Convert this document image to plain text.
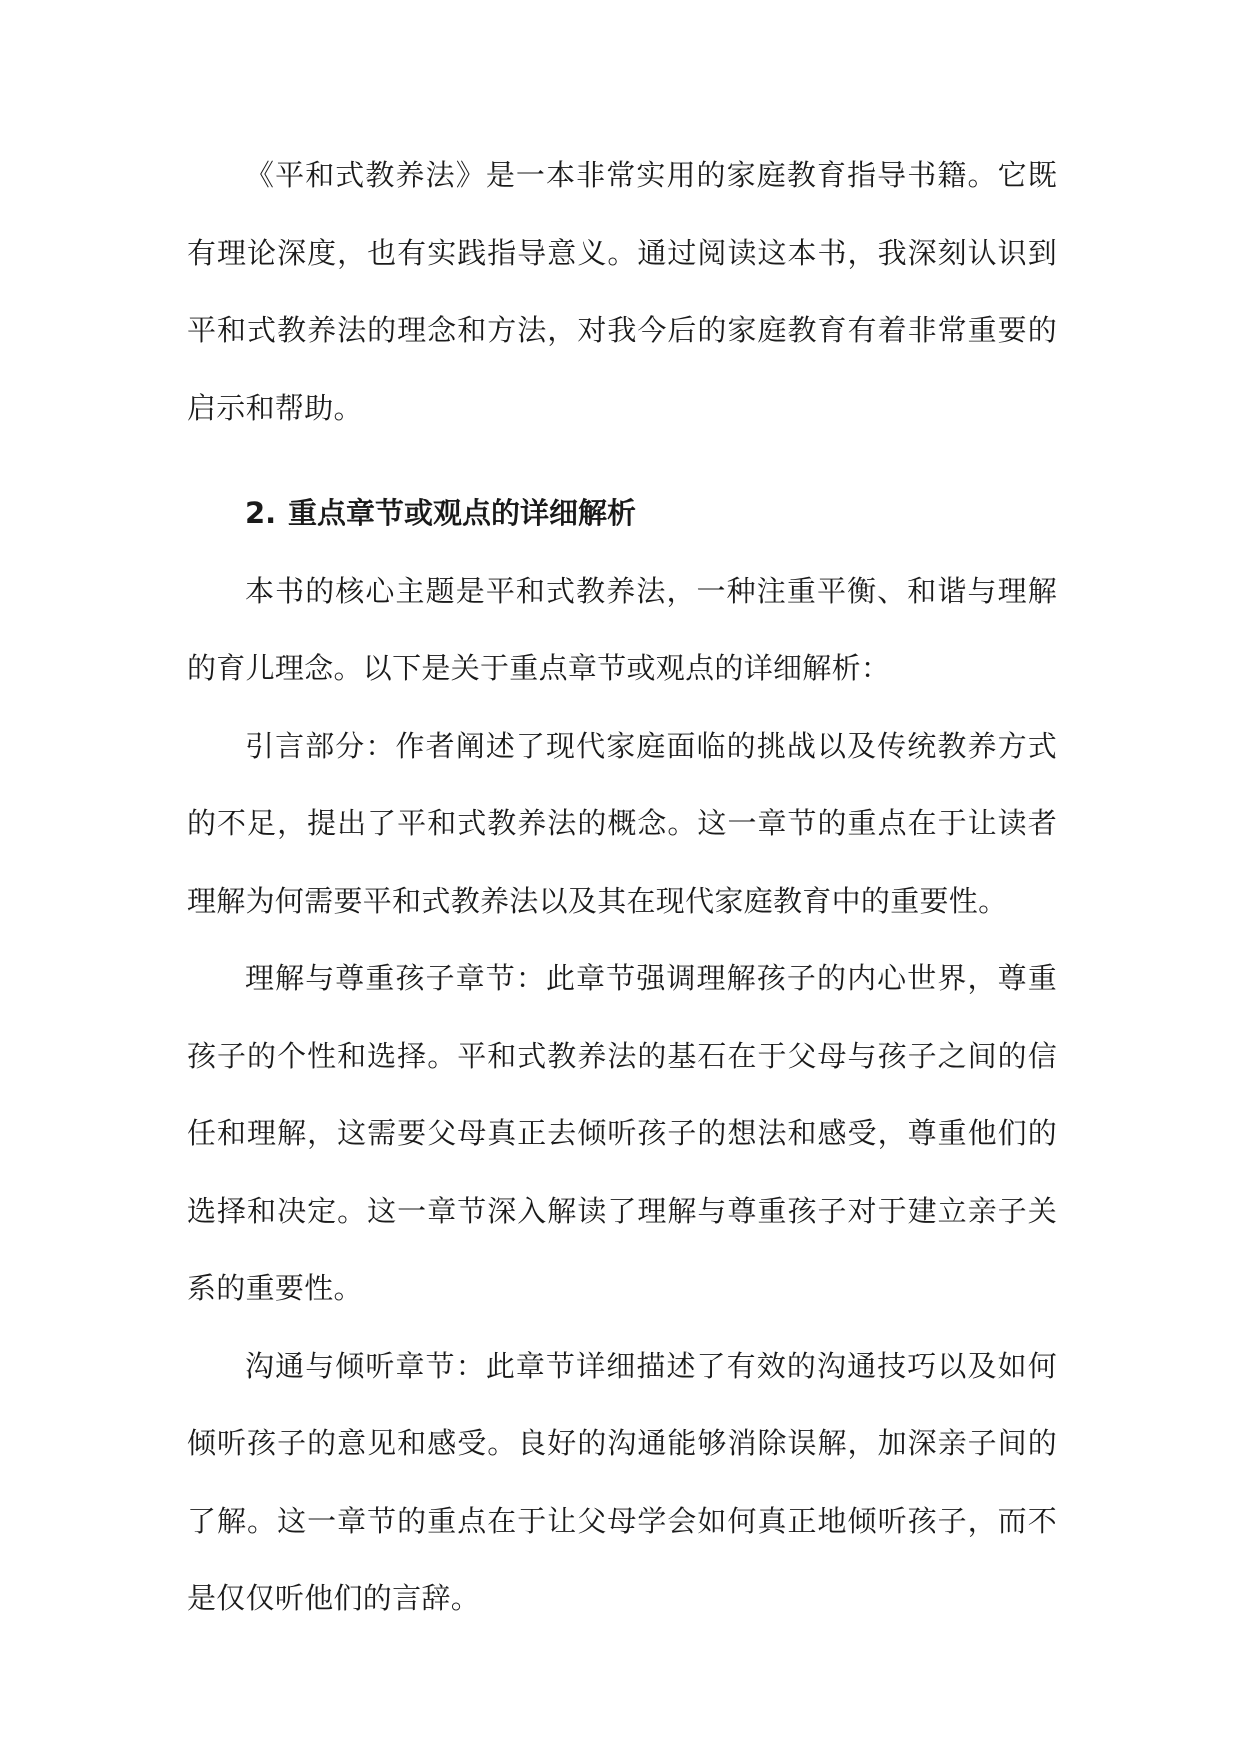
《平和式教养法》是一本非常实用的家庭教育指导书籍。它既有理论深度，也有实践指导意义。通过阅读这本书，我深刻认识到平和式教养法的理念和方法，对我今后的家庭教育有着非常重要的启示和帮助。

2. 重点章节或观点的详细解析

本书的核心主题是平和式教养法，一种注重平衡、和谐与理解的育儿理念。以下是关于重点章节或观点的详细解析：

引言部分：作者阐述了现代家庭面临的挑战以及传统教养方式的不足，提出了平和式教养法的概念。这一章节的重点在于让读者理解为何需要平和式教养法以及其在现代家庭教育中的重要性。

理解与尊重孩子章节：此章节强调理解孩子的内心世界，尊重孩子的个性和选择。平和式教养法的基石在于父母与孩子之间的信任和理解，这需要父母真正去倾听孩子的想法和感受，尊重他们的选择和决定。这一章节深入解读了理解与尊重孩子对于建立亲子关系的重要性。

沟通与倾听章节：此章节详细描述了有效的沟通技巧以及如何倾听孩子的意见和感受。良好的沟通能够消除误解，加深亲子间的了解。这一章节的重点在于让父母学会如何真正地倾听孩子，而不是仅仅听他们的言辞。
